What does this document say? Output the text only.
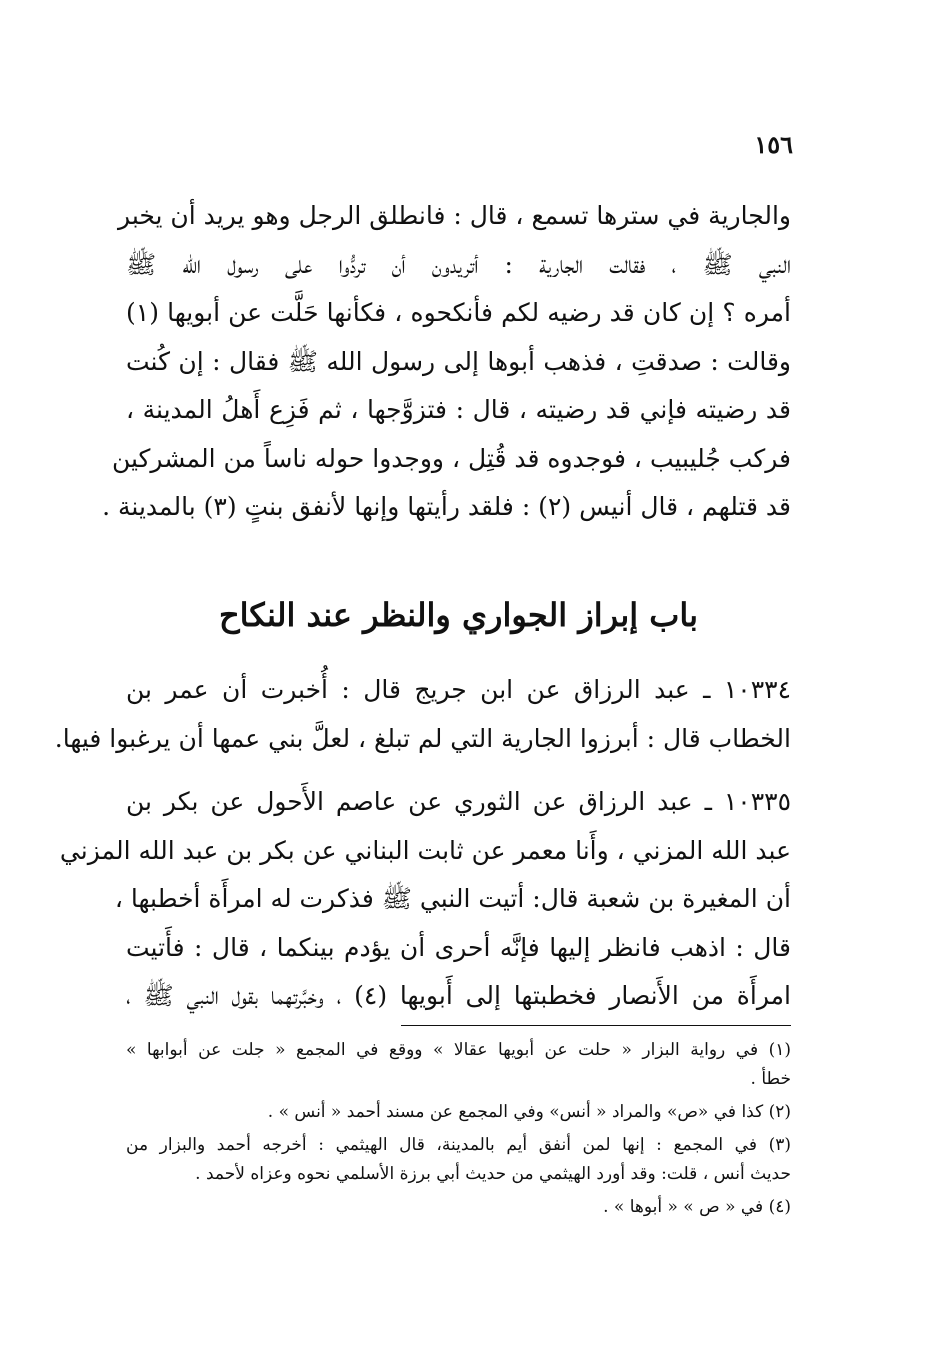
١٥٦
والجارية في سترها تسمع ، قال : فانطلق الرجل وهو يريد أن يخبر
النبي ﷺ ، فقالت الجارية : أتريدون أن تردُّوا على رسول الله ﷺ
أمره ؟ إن كان قد رضيه لكم فأنكحوه ، فكأنها حَلَّت عن أبويها (١)
وقالت : صدقتِ ، فذهب أبوها إلى رسول الله ﷺ فقال : إن كُنت
قد رضيته فإني قد رضيته ، قال : فتزوَّجها ، ثم فَزِع أَهلُ المدينة ،
فركب جُليبيب ، فوجدوه قد قُتِل ، ووجدوا حوله ناساً من المشركين
قد قتلهم ، قال أنيس (٢) : فلقد رأيتها وإنها لأنفق بنتٍ (٣) بالمدينة .
باب إبراز الجواري والنظر عند النكاح
١٠٣٣٤ ـ عبد الرزاق عن ابن جريج قال : أُخبرت أن عمر بن
الخطاب قال : أبرزوا الجارية التي لم تبلغ ، لعلَّ بني عمها أن يرغبوا فيها.
١٠٣٣٥ ـ عبد الرزاق عن الثوري عن عاصم الأَحول عن بكر بن
عبد الله المزني ، وأَنا معمر عن ثابت البناني عن بكر بن عبد الله المزني
أن المغيرة بن شعبة قال: أتيت النبي ﷺ فذكرت له امرأَة أخطبها ،
قال : اذهب فانظر إليها فإنَّه أحرى أن يؤدم بينكما ، قال : فأَتيت
امرأَة من الأَنصار فخطبتها إلى أَبويها (٤) ، وخبَّرتهما بقول النبي ﷺ ،
(١) في رواية البزار « حلت عن أبويها عقالا » ووقع في المجمع « جلت عن أبوابها »
خطأ .
(٢) كذا في «ص» والمراد « أنس» وفي المجمع عن مسند أحمد « أنس » .
(٣) في المجمع : إنها لمن أنفق أيم بالمدينة، قال الهيثمي : أخرجه أحمد والبزار من
حديث أنس ، قلت: وقد أورد الهيثمي من حديث أبي برزة الأسلمي نحوه وعزاه لأحمد .
(٤) في « ص » « أبوها » .
